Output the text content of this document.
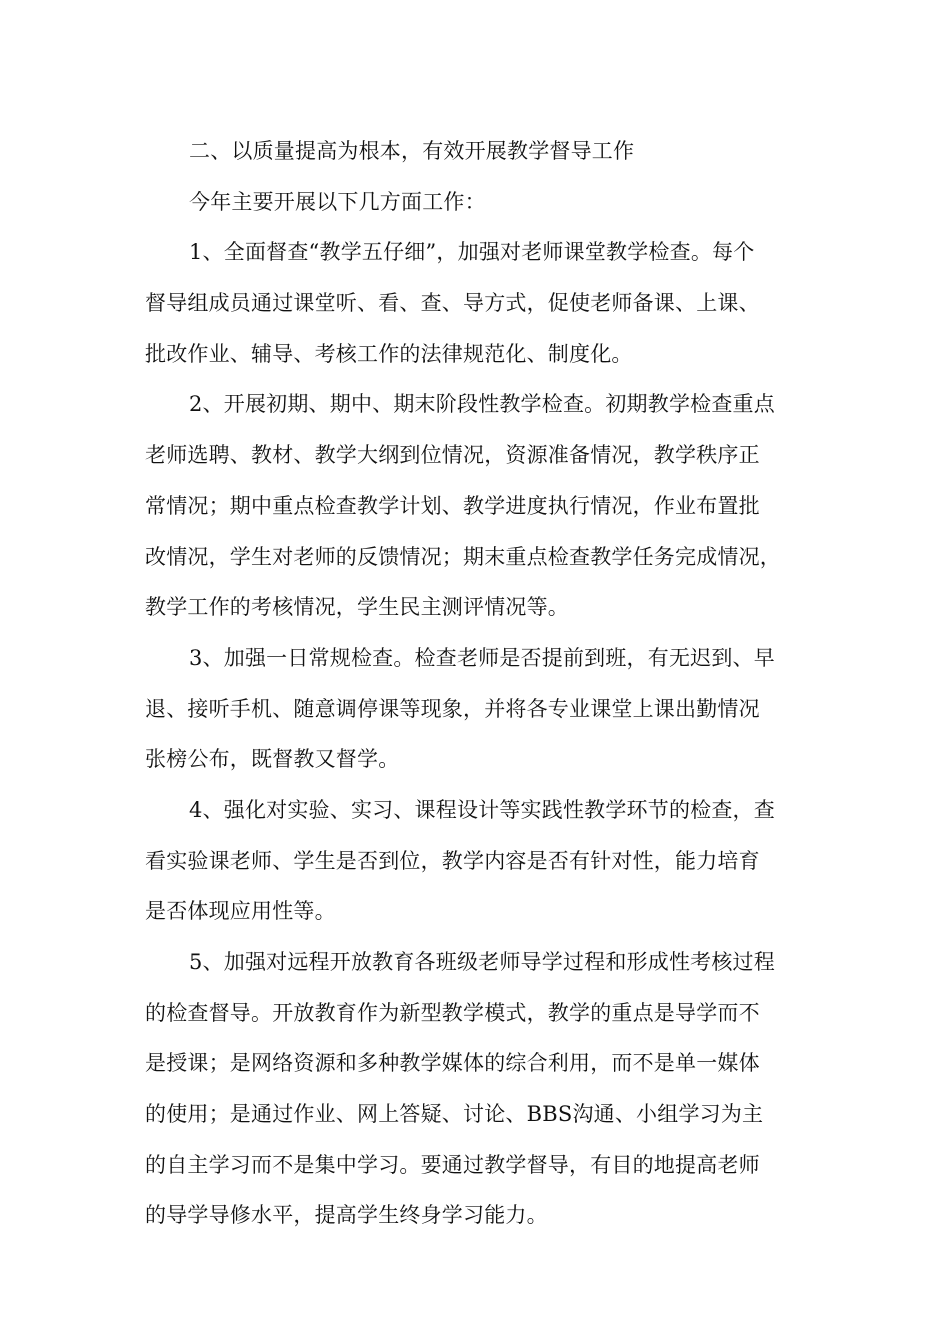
二、以质量提高为根本，有效开展教学督导工作
今年主要开展以下几方面工作：
1、全面督查“教学五仔细”，加强对老师课堂教学检查。每个
督导组成员通过课堂听、看、查、导方式，促使老师备课、上课、
批改作业、辅导、考核工作的法律规范化、制度化。
2、开展初期、期中、期末阶段性教学检查。初期教学检查重点
老师选聘、教材、教学大纲到位情况，资源准备情况，教学秩序正
常情况；期中重点检查教学计划、教学进度执行情况，作业布置批
改情况，学生对老师的反馈情况；期末重点检查教学任务完成情况，
教学工作的考核情况，学生民主测评情况等。
3、加强一日常规检查。检查老师是否提前到班，有无迟到、早
退、接听手机、随意调停课等现象，并将各专业课堂上课出勤情况
张榜公布，既督教又督学。
4、强化对实验、实习、课程设计等实践性教学环节的检查，查
看实验课老师、学生是否到位，教学内容是否有针对性，能力培育
是否体现应用性等。
5、加强对远程开放教育各班级老师导学过程和形成性考核过程
的检查督导。开放教育作为新型教学模式，教学的重点是导学而不
是授课；是网络资源和多种教学媒体的综合利用，而不是单一媒体
的使用；是通过作业、网上答疑、讨论、BBS沟通、小组学习为主
的自主学习而不是集中学习。要通过教学督导，有目的地提高老师
的导学导修水平，提高学生终身学习能力。
